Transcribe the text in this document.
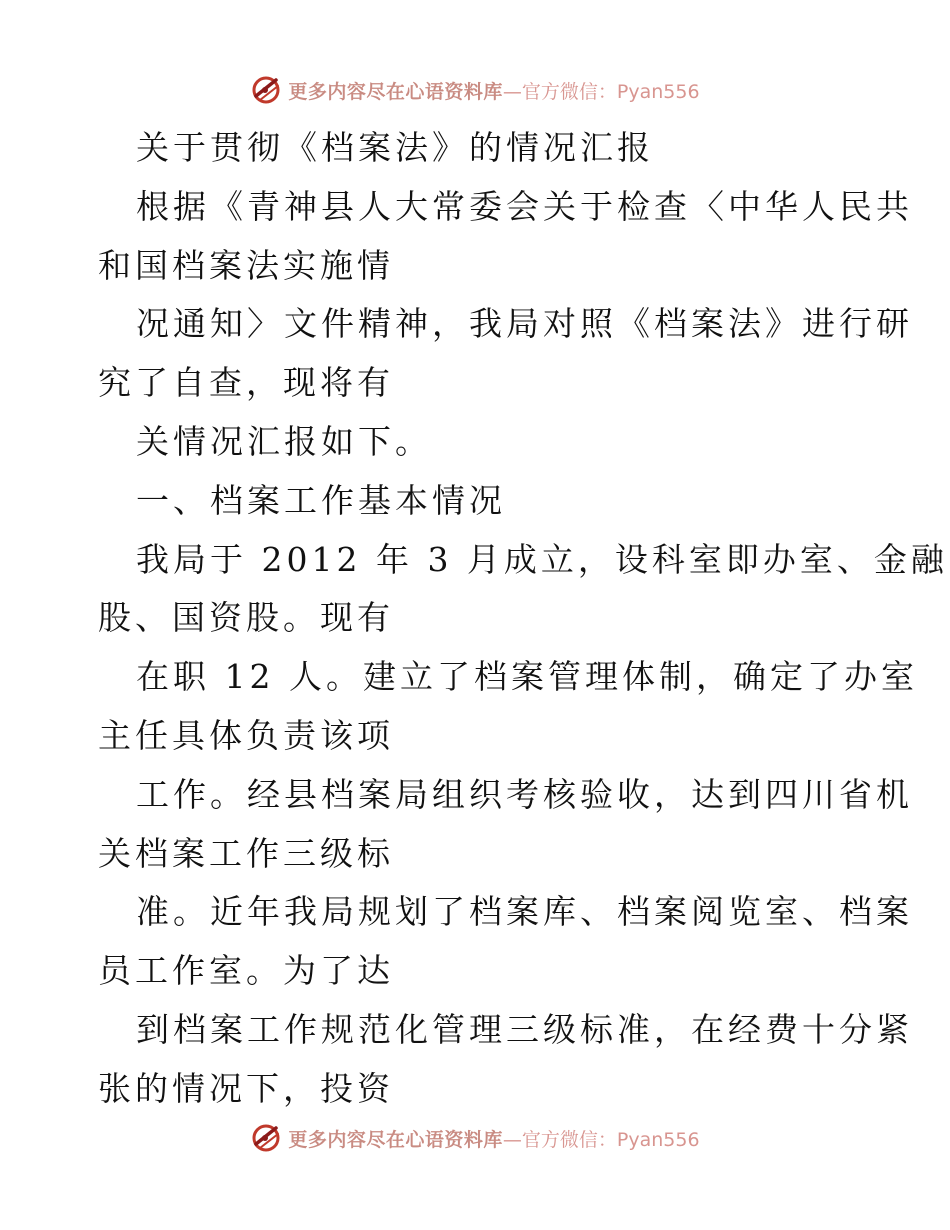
更多内容尽在心语资料库 —官方微信：Pyan556
关于贯彻《档案法》的情况汇报
根据《青神县人大常委会关于检查〈中华人民共
和国档案法实施情
况通知〉文件精神，我局对照《档案法》进行研
究了自查，现将有
关情况汇报如下。
一、档案工作基本情况
我局于 2012 年 3 月成立，设科室即办室、金融
股、国资股。现有
在职 12 人。建立了档案管理体制，确定了办室
主任具体负责该项
工作。经县档案局组织考核验收，达到四川省机
关档案工作三级标
准。近年我局规划了档案库、档案阅览室、档案
员工作室。为了达
到档案工作规范化管理三级标准，在经费十分紧
张的情况下，投资
更多内容尽在心语资料库 —官方微信：Pyan556
